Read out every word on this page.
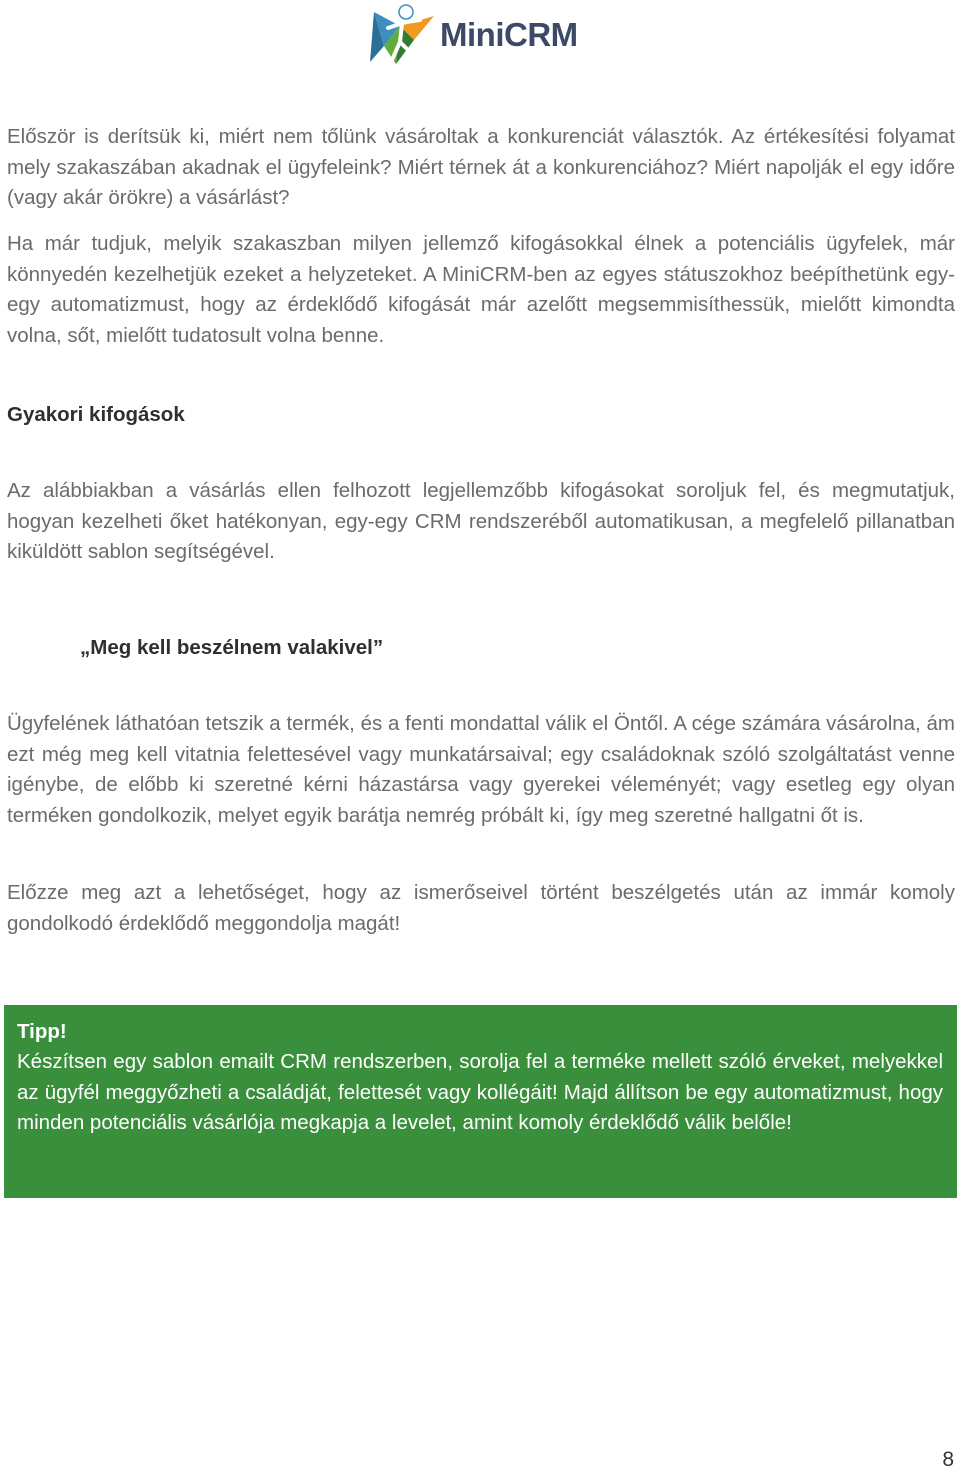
MiniCRM

Először is derítsük ki, miért nem tőlünk vásároltak a konkurenciát választók. Az értékesítési folyamat mely szakaszában akadnak el ügyfeleink? Miért térnek át a konkurenciához? Miért napolják el egy időre (vagy akár örökre) a vásárlást?

Ha már tudjuk, melyik szakaszban milyen jellemző kifogásokkal élnek a potenciális ügyfelek, már könnyedén kezelhetjük ezeket a helyzeteket. A MiniCRM-ben az egyes státuszokhoz beépíthetünk egy-egy automatizmust, hogy az érdeklődő kifogását már azelőtt megsemmisíthessük, mielőtt kimondta volna, sőt, mielőtt tudatosult volna benne.

Gyakori kifogások

Az alábbiakban a vásárlás ellen felhozott legjellemzőbb kifogásokat soroljuk fel, és megmutatjuk, hogyan kezelheti őket hatékonyan, egy-egy CRM rendszeréből automatikusan, a megfelelő pillanatban kiküldött sablon segítségével.

„Meg kell beszélnem valakivel”

Ügyfelének láthatóan tetszik a termék, és a fenti mondattal válik el Öntől. A cége számára vásárolna, ám ezt még meg kell vitatnia felettesével vagy munkatársaival; egy családoknak szóló szolgáltatást venne igénybe, de előbb ki szeretné kérni házastársa vagy gyerekei véleményét; vagy esetleg egy olyan terméken gondolkozik, melyet egyik barátja nemrég próbált ki, így meg szeretné hallgatni őt is.

Előzze meg azt a lehetőséget, hogy az ismerőseivel történt beszélgetés után az immár komoly gondolkodó érdeklődő meggondolja magát!

Tipp!

Készítsen egy sablon emailt CRM rendszerben, sorolja fel a terméke mellett szóló érveket, melyekkel az ügyfél meggyőzheti a családját, felettesét vagy kollégáit! Majd állítson be egy automatizmust, hogy minden potenciális vásárlója megkapja a levelet, amint komoly érdeklődő válik belőle!

8
